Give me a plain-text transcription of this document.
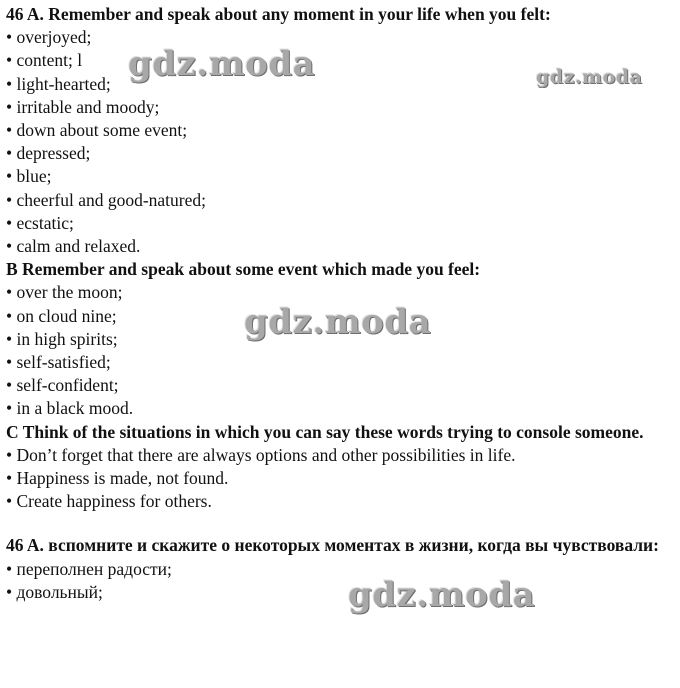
46 A. Remember and speak about any moment in your life when you felt:
• overjoyed;
• content; l
• light-hearted;
• irritable and moody;
• down about some event;
• depressed;
• blue;
• cheerful and good-natured;
• ecstatic;
• calm and relaxed.
B Remember and speak about some event which made you feel:
• over the moon;
• on cloud nine;
• in high spirits;
• self-satisfied;
• self-confident;
• in a black mood.
C Think of the situations in which you can say these words trying to console someone.
• Don’t forget that there are always options and other possibilities in life.
• Happiness is made, not found.
• Create happiness for others.
46 A. вспомните и скажите о некоторых моментах в жизни, когда вы чувствовали:
• переполнен радости;
• довольный;
gdz.moda	gdz.moda
gdz.moda
gdz.moda
